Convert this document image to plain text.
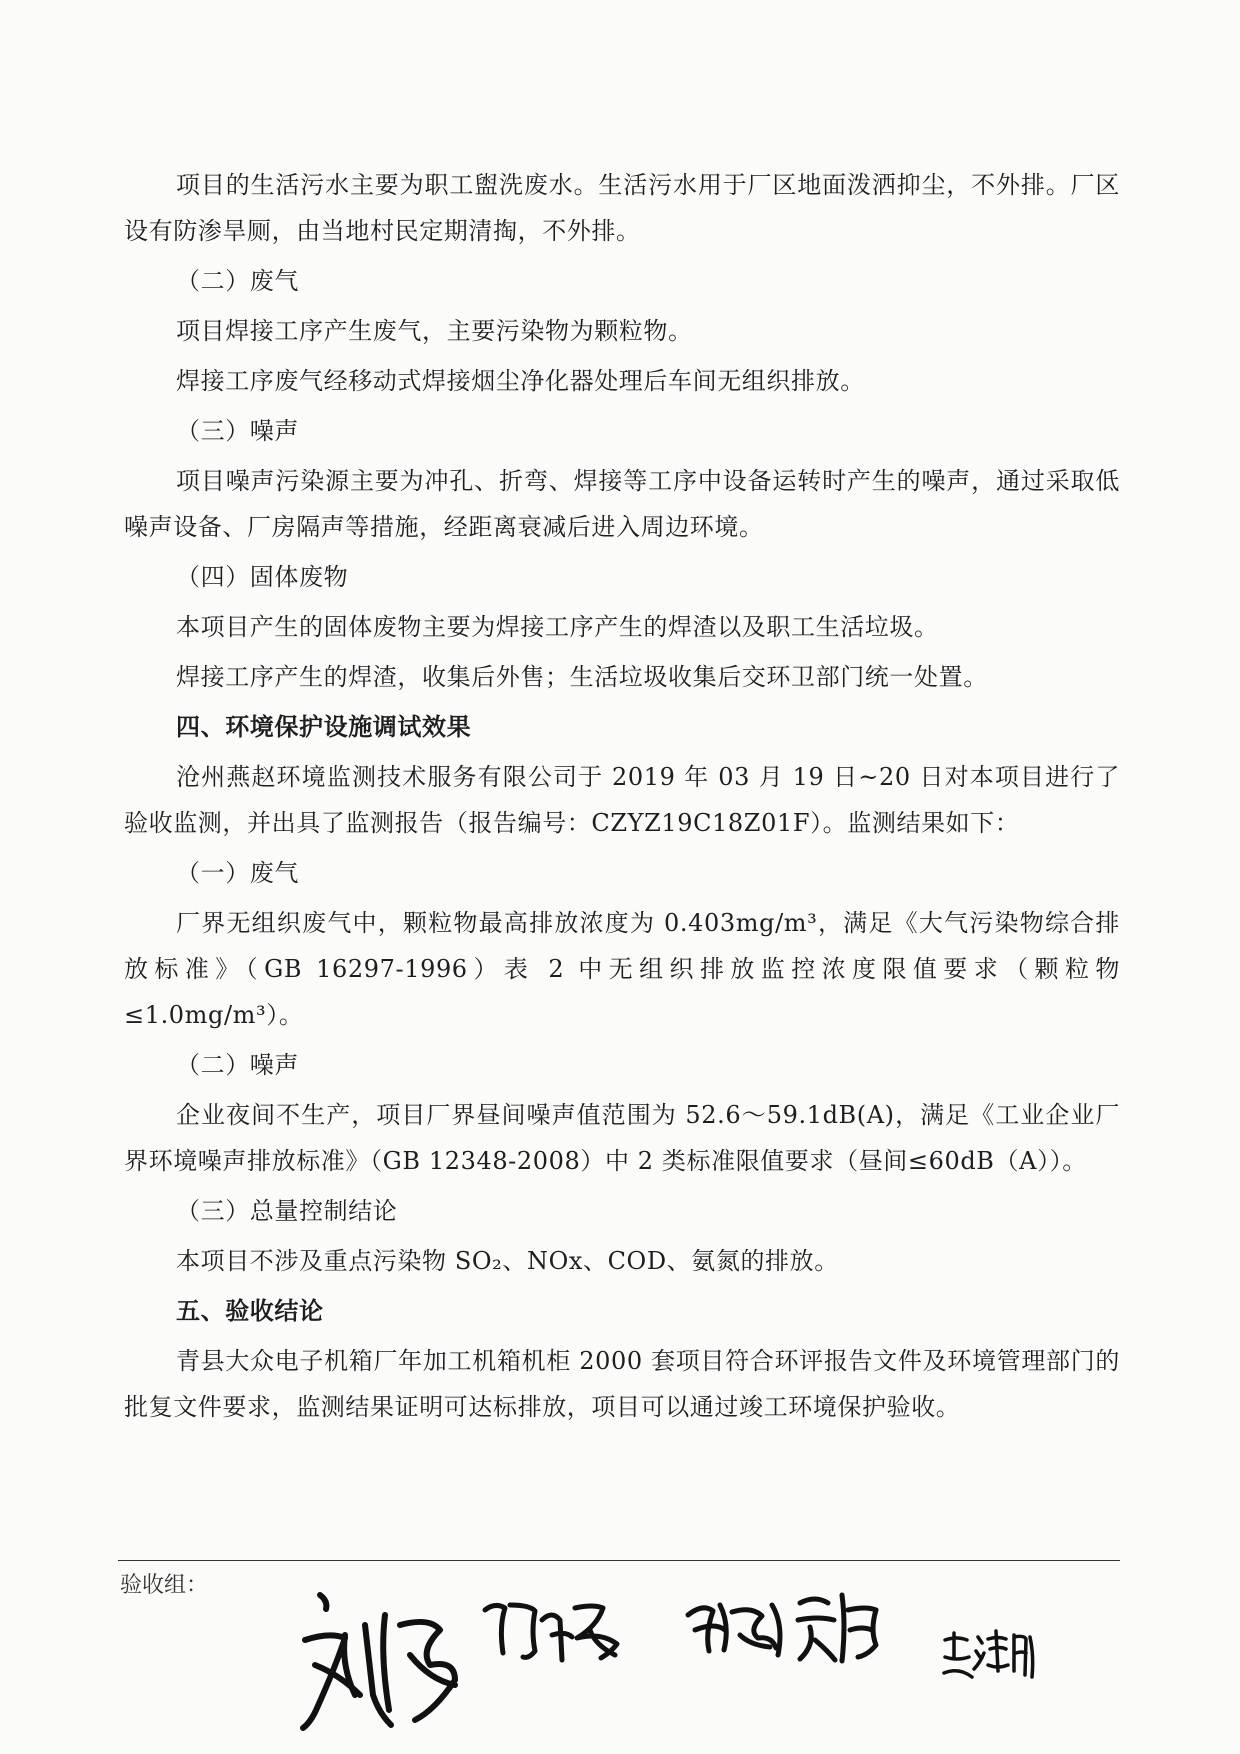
项目的生活污水主要为职工盥洗废水。生活污水用于厂区地面泼洒抑尘，不外排。厂区设有防渗旱厕，由当地村民定期清掏，不外排。
（二）废气
项目焊接工序产生废气，主要污染物为颗粒物。
焊接工序废气经移动式焊接烟尘净化器处理后车间无组织排放。
（三）噪声
项目噪声污染源主要为冲孔、折弯、焊接等工序中设备运转时产生的噪声，通过采取低噪声设备、厂房隔声等措施，经距离衰减后进入周边环境。
（四）固体废物
本项目产生的固体废物主要为焊接工序产生的焊渣以及职工生活垃圾。
焊接工序产生的焊渣，收集后外售；生活垃圾收集后交环卫部门统一处置。
四、环境保护设施调试效果
沧州燕赵环境监测技术服务有限公司于 2019 年 03 月 19 日~20 日对本项目进行了验收监测，并出具了监测报告（报告编号：CZYZ19C18Z01F）。监测结果如下：
（一）废气
厂界无组织废气中，颗粒物最高排放浓度为 0.403mg/m³，满足《大气污染物综合排放标准》（GB 16297-1996）表 2 中无组织排放监控浓度限值要求（颗粒物≤1.0mg/m³）。
（二）噪声
企业夜间不生产，项目厂界昼间噪声值范围为 52.6～59.1dB(A)，满足《工业企业厂界环境噪声排放标准》（GB 12348-2008）中 2 类标准限值要求（昼间≤60dB（A））。
（三）总量控制结论
本项目不涉及重点污染物 SO₂、NOx、COD、氨氮的排放。
五、验收结论
青县大众电子机箱厂年加工机箱机柜 2000 套项目符合环评报告文件及环境管理部门的批复文件要求，监测结果证明可达标排放，项目可以通过竣工环境保护验收。
验收组：
